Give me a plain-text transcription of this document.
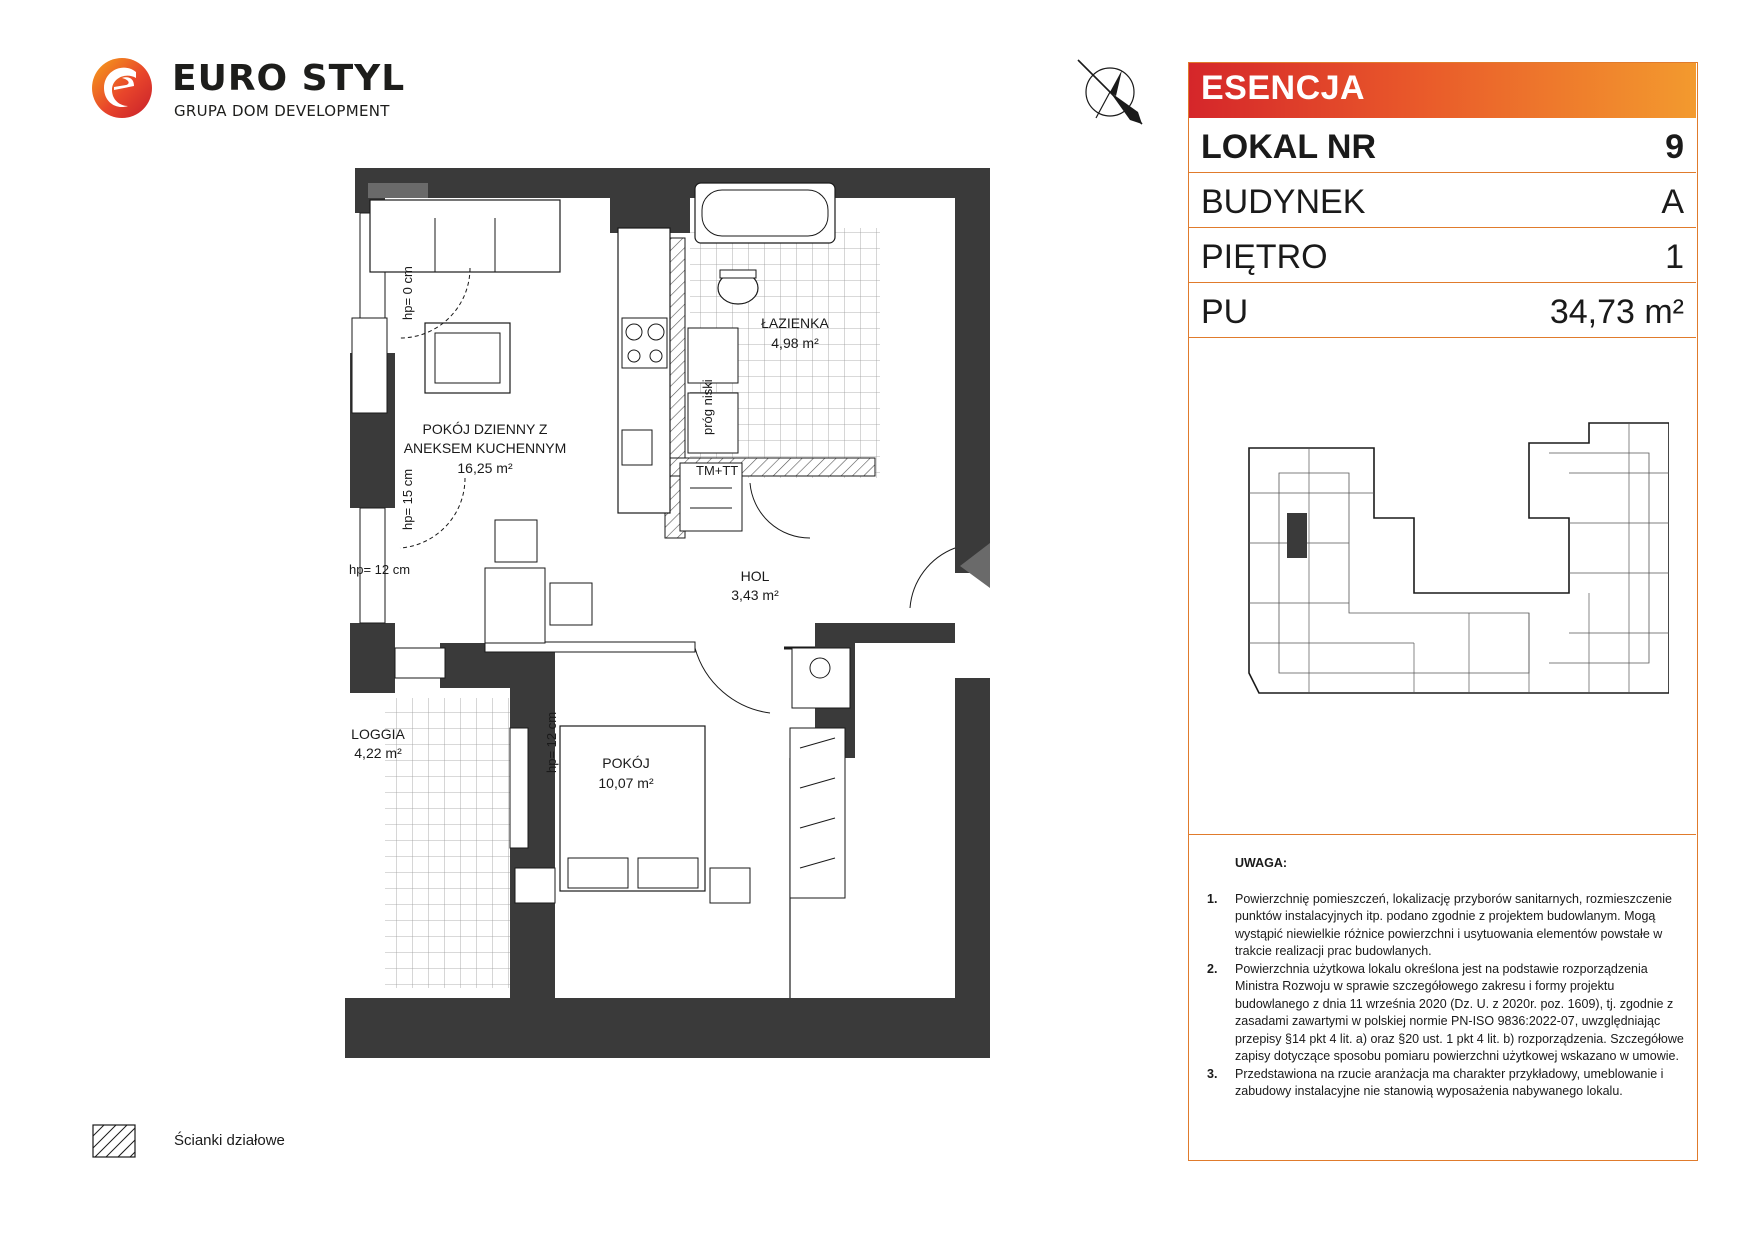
EURO STYL
GRUPA DOM DEVELOPMENT
POKÓJ DZIENNY Z
ANEKSEM KUCHENNYM
16,25 m²
ŁAZIENKA
4,98 m²
HOL
3,43 m²
LOGGIA
4,22 m²
POKÓJ
10,07 m²
hp= 0 cm
hp= 15 cm
hp= 12 cm
hp= 12 cm
próg niski
TM+TT
ESENCJA
LOKAL NR	9
BUDYNEK	A
PIĘTRO	1
PU	34,73 m²
UWAGA:
1. Powierzchnię pomieszczeń, lokalizację przyborów sanitarnych, rozmieszczenie punktów instalacyjnych itp. podano zgodnie z projektem budowlanym. Mogą wystąpić niewielkie różnice powierzchni i usytuowania elementów powstałe w trakcie realizacji prac budowlanych.
2. Powierzchnia użytkowa lokalu określona jest na podstawie rozporządzenia Ministra Rozwoju w sprawie szczegółowego zakresu i formy projektu budowlanego z dnia 11 września 2020 (Dz. U. z 2020r. poz. 1609), tj. zgodnie z zasadami zawartymi w polskiej normie PN-ISO 9836:2022-07, uwzględniając przepisy §14 pkt 4 lit. a) oraz §20 ust. 1 pkt 4 lit. b) rozporządzenia. Szczegółowe zapisy dotyczące sposobu pomiaru powierzchni użytkowej wskazano w umowie.
3. Przedstawiona na rzucie aranżacja ma charakter przykładowy, umeblowanie i zabudowy instalacyjne nie stanowią wyposażenia nabywanego lokalu.
Ścianki działowe
